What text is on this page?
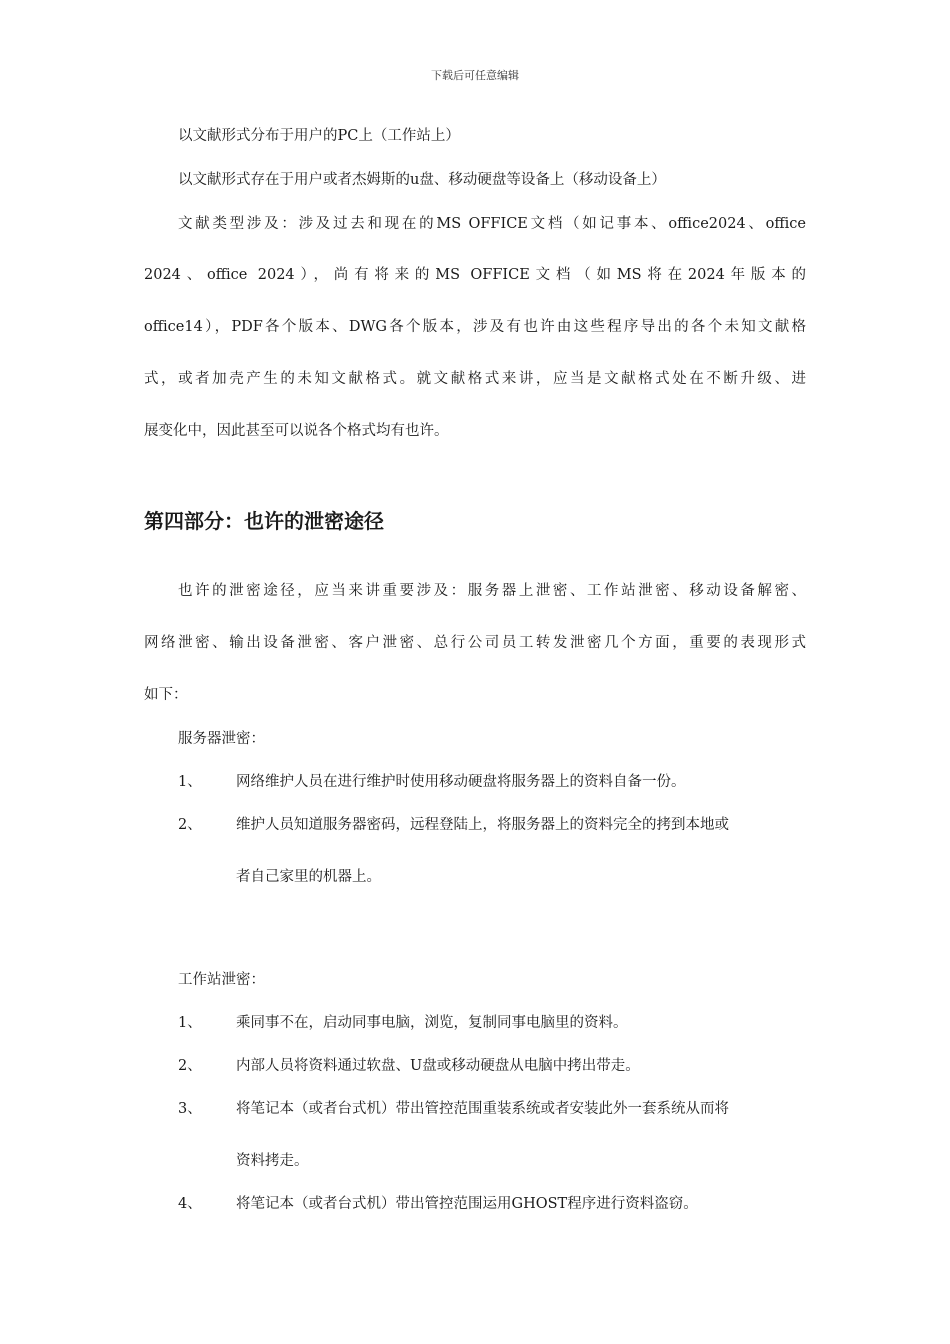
下载后可任意编辑

以文献形式分布于用户的PC上（工作站上）

以文献形式存在于用户或者杰姆斯的u盘、移动硬盘等设备上（移动设备上）

文献类型涉及：涉及过去和现在的MS OFFICE文档（如记事本、office2024、office

2024、office 2024），尚有将来的MS OFFICE文档（如MS将在2024年版本的

office14），PDF各个版本、DWG各个版本，涉及有也许由这些程序导出的各个未知文献格

式，或者加壳产生的未知文献格式。就文献格式来讲，应当是文献格式处在不断升级、进

展变化中，因此甚至可以说各个格式均有也许。

第四部分：也许的泄密途径

也许的泄密途径，应当来讲重要涉及：服务器上泄密、工作站泄密、移动设备解密、

网络泄密、输出设备泄密、客户泄密、总行公司员工转发泄密几个方面，重要的表现形式

如下：

服务器泄密：

1、 网络维护人员在进行维护时使用移动硬盘将服务器上的资料自备一份。
2、 维护人员知道服务器密码，远程登陆上，将服务器上的资料完全的拷到本地或
者自己家里的机器上。

工作站泄密：

1、 乘同事不在，启动同事电脑，浏览，复制同事电脑里的资料。
2、 内部人员将资料通过软盘、U盘或移动硬盘从电脑中拷出带走。
3、 将笔记本（或者台式机）带出管控范围重装系统或者安装此外一套系统从而将
资料拷走。
4、 将笔记本（或者台式机）带出管控范围运用GHOST程序进行资料盗窃。
